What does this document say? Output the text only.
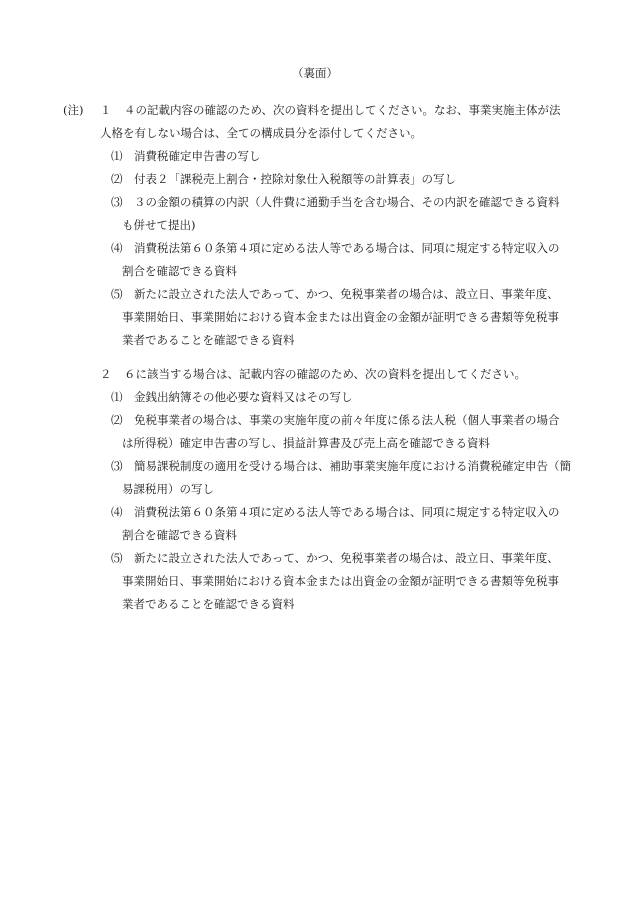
（裏面）
(注) １ ４の記載内容の確認のため、次の資料を提出してください。なお、事業実施主体が法
人格を有しない場合は、全ての構成員分を添付してください。
⑴ 消費税確定申告書の写し
⑵ 付表２「課税売上割合・控除対象仕入税額等の計算表」の写し
⑶ ３の金額の積算の内訳（人件費に通勤手当を含む場合、その内訳を確認できる資料
も併せて提出)
⑷ 消費税法第６０条第４項に定める法人等である場合は、同項に規定する特定収入の
割合を確認できる資料
⑸ 新たに設立された法人であって、かつ、免税事業者の場合は、設立日、事業年度、
事業開始日、事業開始における資本金または出資金の金額が証明できる書類等免税事
業者であることを確認できる資料
２ ６に該当する場合は、記載内容の確認のため、次の資料を提出してください。
⑴ 金銭出納簿その他必要な資料又はその写し
⑵ 免税事業者の場合は、事業の実施年度の前々年度に係る法人税（個人事業者の場合
は所得税）確定申告書の写し、損益計算書及び売上高を確認できる資料
⑶ 簡易課税制度の適用を受ける場合は、補助事業実施年度における消費税確定申告（簡
易課税用）の写し
⑷ 消費税法第６０条第４項に定める法人等である場合は、同項に規定する特定収入の
割合を確認できる資料
⑸ 新たに設立された法人であって、かつ、免税事業者の場合は、設立日、事業年度、
事業開始日、事業開始における資本金または出資金の金額が証明できる書類等免税事
業者であることを確認できる資料
